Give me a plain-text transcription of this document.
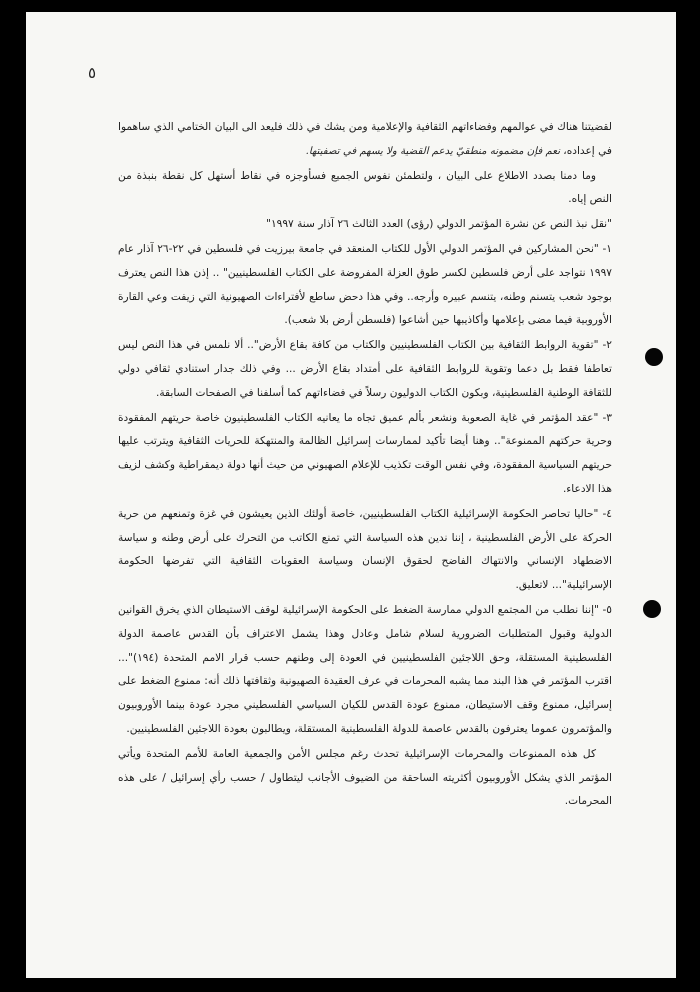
٥

لقضيتنا هناك في عوالمهم وفضاءاتهم الثقافية والإعلامية ومن يشك في ذلك فليعد الى البيان الختامي الذي ساهموا في إعداده، نعم فإن مضمونه منطقيّ يدعم القضية ولا يسهم في تصفيتها.

وما دمنا بصدد الاطلاع على البيان ، ولتطمئن نفوس الجميع فسأوجزه في نقاط أستهل كل نقطة بنبذة من النص إياه.

"نقل نبذ النص عن نشرة المؤتمر الدولي (رؤى) العدد الثالث ٢٦ آذار سنة ١٩٩٧"

١- "نحن المشاركين في المؤتمر الدولي الأول للكتاب المنعقد في جامعة بيرزيت في فلسطين في ٢٢-٢٦ آذار عام ١٩٩٧ نتواجد على أرض فلسطين لكسر طوق العزلة المفروضة على الكتاب الفلسطينيين" .. إذن هذا النص يعترف بوجود شعب يتسنم وطنه، يتنسم عبيره وأرجه.. وفي هذا دحض ساطع لأفتراءات الصهيونية التي زيفت وعي القارة الأوروبية فيما مضى بإعلامها وأكاذيبها حين أشاعوا (فلسطن أرض بلا شعب).

٢- "تقوية الروابط الثقافية بين الكتاب الفلسطينيين والكتاب من كافة بقاع الأرض".. ألا نلمس في هذا النص ليس تعاطفا فقط بل دعما وتقوية للروابط الثقافية على أمتداد بقاع الأرض ... وفي ذلك جدار استنادي ثقافي دولي للثقافة الوطنية الفلسطينية، وبكون الكتاب الدوليون رسلاً في فضاءاتهم كما أسلفنا في الصفحات السابقة.

٣- "عقد المؤتمر في غاية الصعوبة ونشعر بألم عميق تجاه ما يعانيه الكتاب الفلسطينيون خاصة حريتهم المفقودة وحرية حركتهم الممنوعة".. وهنا أيضا تأكيد لممارسات إسرائيل الظالمة والمنتهكة للحريات الثقافية ويترتب عليها حريتهم السياسية المفقودة، وفي نفس الوقت تكذيب للإعلام الصهيوني من حيث أنها دولة ديمقراطية وكشف لزيف هذا الادعاء.

٤- "حاليا تحاصر الحكومة الإسرائيلية الكتاب الفلسطينيين، خاصة أولئك الذين يعيشون في غزة وتمنعهم من حرية الحركة على الأرض الفلسطينية ، إننا ندين هذه السياسة التي تمنع الكاتب من التحرك على أرض وطنه و سياسة الاضطهاد الإنساني والانتهاك الفاضح لحقوق الإنسان وسياسة العقوبات الثقافية التي تفرضها الحكومة الإسرائيلية"... لاتعليق.

٥- "إننا نطلب من المجتمع الدولي ممارسة الضغط على الحكومة الإسرائيلية لوقف الاستيطان الذي يخرق القوانين الدولية وقبول المتطلبات الضرورية لسلام شامل وعادل وهذا يشمل الاعتراف بأن القدس عاصمة الدولة الفلسطينية المستقلة، وحق اللاجئين الفلسطينيين في العودة إلى وطنهم حسب قرار الامم المتحدة (١٩٤)"... اقترب المؤتمر في هذا البند مما يشبه المحرمات في عرف العقيدة الصهيونية وثقافتها ذلك أنه: ممنوع الضغط على إسرائيل، ممنوع وقف الاستيطان، ممنوع عودة القدس للكيان السياسي الفلسطيني مجرد عودة بينما الأوروبيون والمؤتمرون عموما يعترفون بالقدس عاصمة للدولة الفلسطينية المستقلة، ويطالبون بعودة اللاجئين الفلسطينيين.

كل هذه الممنوعات والمحرمات الإسرائيلية تحدث رغم مجلس الأمن والجمعية العامة للأمم المتحدة ويأتي المؤتمر الذي يشكل الأوروبيون أكثريته الساحقة من الضيوف الأجانب ليتطاول / حسب رأي إسرائيل / على هذه المحرمات.
